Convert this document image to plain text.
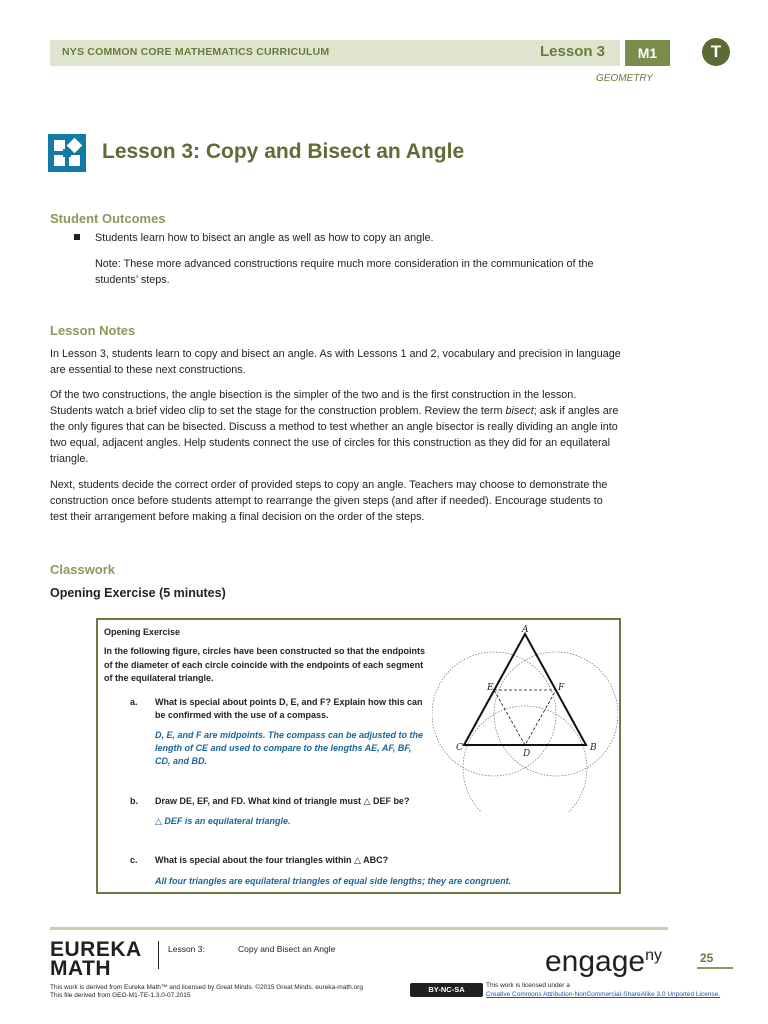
NYS COMMON CORE MATHEMATICS CURRICULUM	Lesson 3	M1
GEOMETRY
T
Lesson 3: Copy and Bisect an Angle
Student Outcomes
Students learn how to bisect an angle as well as how to copy an angle.
Note: These more advanced constructions require much more consideration in the communication of the
students’ steps.
Lesson Notes
In Lesson 3, students learn to copy and bisect an angle. As with Lessons 1 and 2, vocabulary and precision in language
are essential to these next constructions.
Of the two constructions, the angle bisection is the simpler of the two and is the first construction in the lesson.
Students watch a brief video clip to set the stage for the construction problem. Review the term bisect; ask if angles are
the only figures that can be bisected. Discuss a method to test whether an angle bisector is really dividing an angle into
two equal, adjacent angles. Help students connect the use of circles for this construction as they did for an equilateral
triangle.
Next, students decide the correct order of provided steps to copy an angle. Teachers may choose to demonstrate the
construction once before students attempt to rearrange the given steps (and after if needed). Encourage students to
test their arrangement before making a final decision on the order of the steps.
Classwork
Opening Exercise (5 minutes)
Opening Exercise
In the following figure, circles have been constructed so that the endpoints
of the diameter of each circle coincide with the endpoints of each segment
of the equilateral triangle.
a. What is special about points D, E, and F? Explain how this can
be confirmed with the use of a compass.
D, E, and F are midpoints. The compass can be adjusted to the
length of CE and used to compare to the lengths AE, AF, BF,
CD, and BD.
b. Draw DE, EF, and FD. What kind of triangle must △ DEF be?
△ DEF is an equilateral triangle.
c. What is special about the four triangles within △ ABC?
All four triangles are equilateral triangles of equal side lengths; they are congruent.
A
B
C
D
E	F
EUREKA
MATH
Lesson 3:	Copy and Bisect an Angle	engage$^{ny}$	25
This work is derived from Eureka Math™ and licensed by Great Minds. ©2015 Great Minds. eureka-math.org
This file derived from GEO-M1-TE-1.3.0-07.2015
BY-NC-SA	This work is licensed under a
Creative Commons Attribution-NonCommercial-ShareAlike 3.0 Unported License.
